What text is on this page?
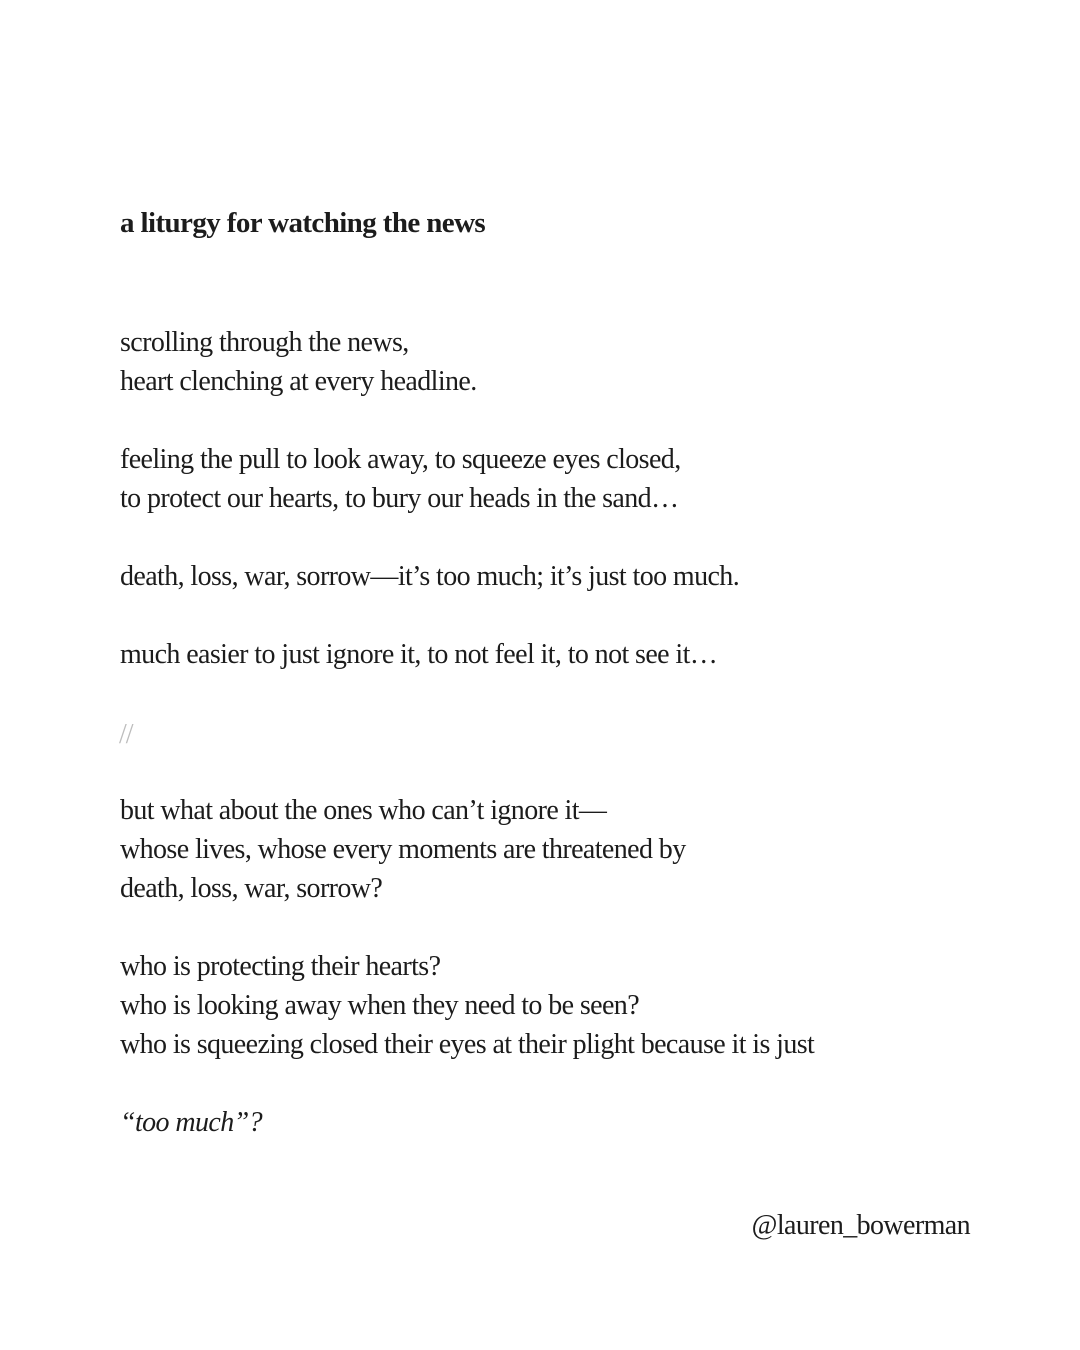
a liturgy for watching the news
scrolling through the news,
heart clenching at every headline.
feeling the pull to look away, to squeeze eyes closed,
to protect our hearts, to bury our heads in the sand…
death, loss, war, sorrow—it’s too much; it’s just too much.
much easier to just ignore it, to not feel it, to not see it…
//
but what about the ones who can’t ignore it—
whose lives, whose every moments are threatened by
death, loss, war, sorrow?
who is protecting their hearts?
who is looking away when they need to be seen?
who is squeezing closed their eyes at their plight because it is just
“too much”?
@lauren_bowerman
